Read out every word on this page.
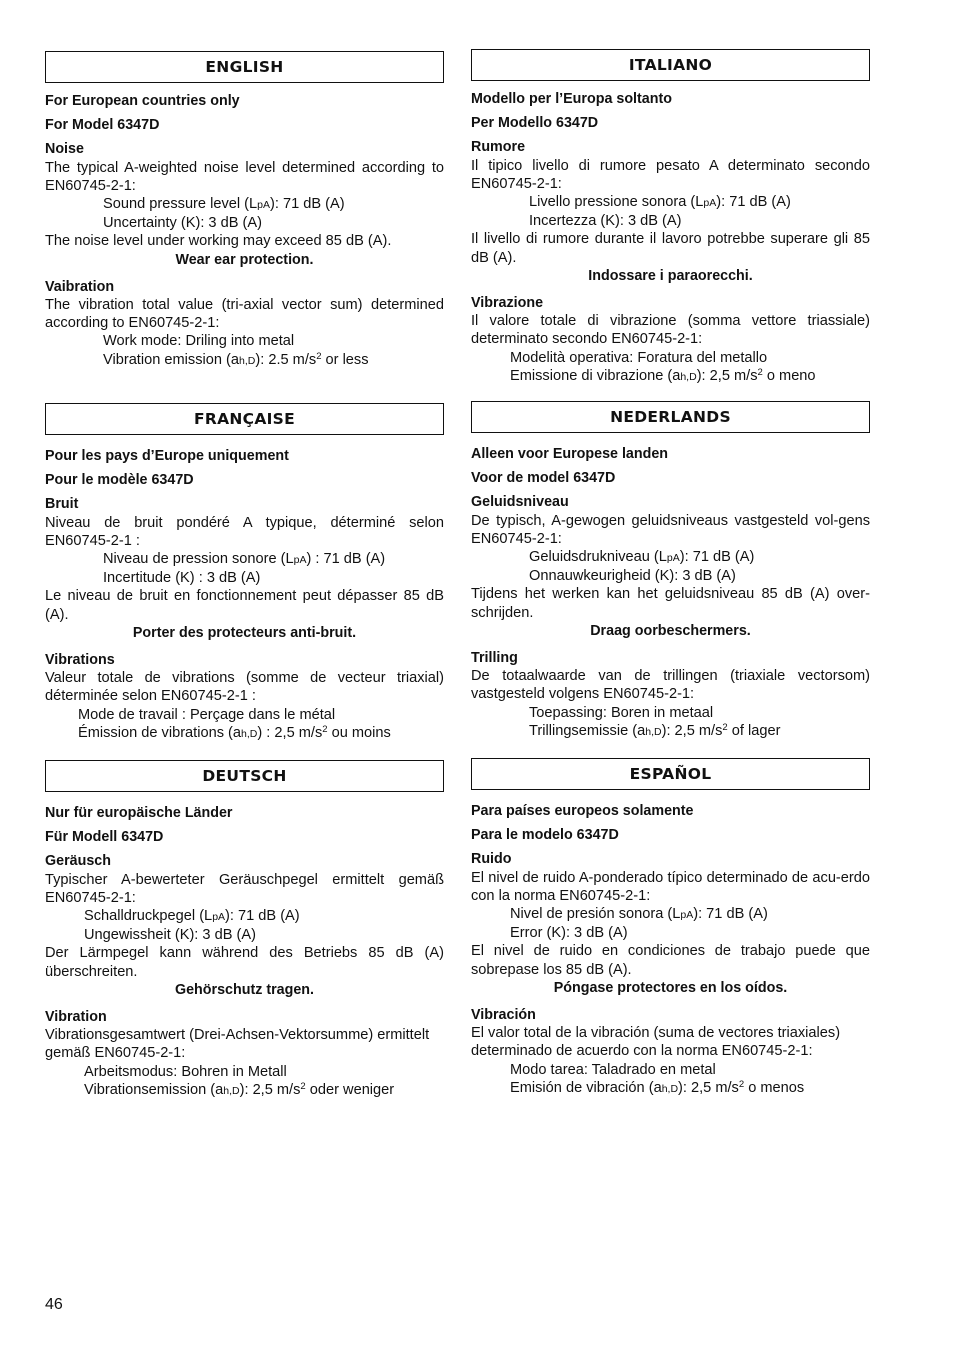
ENGLISH
For European countries only
For Model 6347D
Noise
The typical A-weighted noise level determined according to EN60745-2-1:
Sound pressure level (LpA): 71 dB (A)
Uncertainty (K): 3 dB (A)
The noise level under working may exceed 85 dB (A).
Wear ear protection.
Vaibration
The vibration total value (tri-axial vector sum) determined according to EN60745-2-1:
Work mode: Driling into metal
Vibration emission (ah,D): 2.5 $m/s^2$ or less
FRANÇAISE
Pour les pays d’Europe uniquement
Pour le modèle 6347D
Bruit
Niveau de bruit pondéré A typique, déterminé selon EN60745-2-1 :
Niveau de pression sonore (LpA) : 71 dB (A)
Incertitude (K) : 3 dB (A)
Le niveau de bruit en fonctionnement peut dépasser 85 dB (A).
Porter des protecteurs anti-bruit.
Vibrations
Valeur totale de vibrations (somme de vecteur triaxial) déterminée selon EN60745-2-1 :
Mode de travail : Perçage dans le métal
Émission de vibrations (ah,D) : 2,5 $m/s^2$ ou moins
DEUTSCH
Nur für europäische Länder
Für Modell 6347D
Geräusch
Typischer A-bewerteter Geräuschpegel ermittelt gemäß EN60745-2-1:
Schalldruckpegel (LpA): 71 dB (A)
Ungewissheit (K): 3 dB (A)
Der Lärmpegel kann während des Betriebs 85 dB (A) überschreiten.
Gehörschutz tragen.
Vibration
Vibrationsgesamtwert (Drei-Achsen-Vektorsumme) ermittelt gemäß EN60745-2-1:
Arbeitsmodus: Bohren in Metall
Vibrationsemission (ah,D): 2,5 $m/s^2$ oder weniger
ITALIANO
Modello per l’Europa soltanto
Per Modello 6347D
Rumore
Il tipico livello di rumore pesato A determinato secondo EN60745-2-1:
Livello pressione sonora (LpA): 71 dB (A)
Incertezza (K): 3 dB (A)
Il livello di rumore durante il lavoro potrebbe superare gli 85 dB (A).
Indossare i paraorecchi.
Vibrazione
Il valore totale di vibrazione (somma vettore triassiale) determinato secondo EN60745-2-1:
Modelità operativa: Foratura del metallo
Emissione di vibrazione (ah,D): 2,5 $m/s^2$ o meno
NEDERLANDS
Alleen voor Europese landen
Voor de model 6347D
Geluidsniveau
De typisch, A-gewogen geluidsniveaus vastgesteld vol-gens EN60745-2-1:
Geluidsdrukniveau (LpA): 71 dB (A)
Onnauwkeurigheid (K): 3 dB (A)
Tijdens het werken kan het geluidsniveau 85 dB (A) over-schrijden.
Draag oorbeschermers.
Trilling
De totaalwaarde van de trillingen (triaxiale vectorsom) vastgesteld volgens EN60745-2-1:
Toepassing: Boren in metaal
Trillingsemissie (ah,D): 2,5 $m/s^2$ of lager
ESPAÑOL
Para países europeos solamente
Para le modelo 6347D
Ruido
El nivel de ruido A-ponderado típico determinado de acu-erdo con la norma EN60745-2-1:
Nivel de presión sonora (LpA): 71 dB (A)
Error (K): 3 dB (A)
El nivel de ruido en condiciones de trabajo puede que sobrepase los 85 dB (A).
Póngase protectores en los oídos.
Vibración
El valor total de la vibración (suma de vectores triaxiales) determinado de acuerdo con la norma EN60745-2-1:
Modo tarea: Taladrado en metal
Emisión de vibración (ah,D): 2,5 $m/s^2$ o menos
46
